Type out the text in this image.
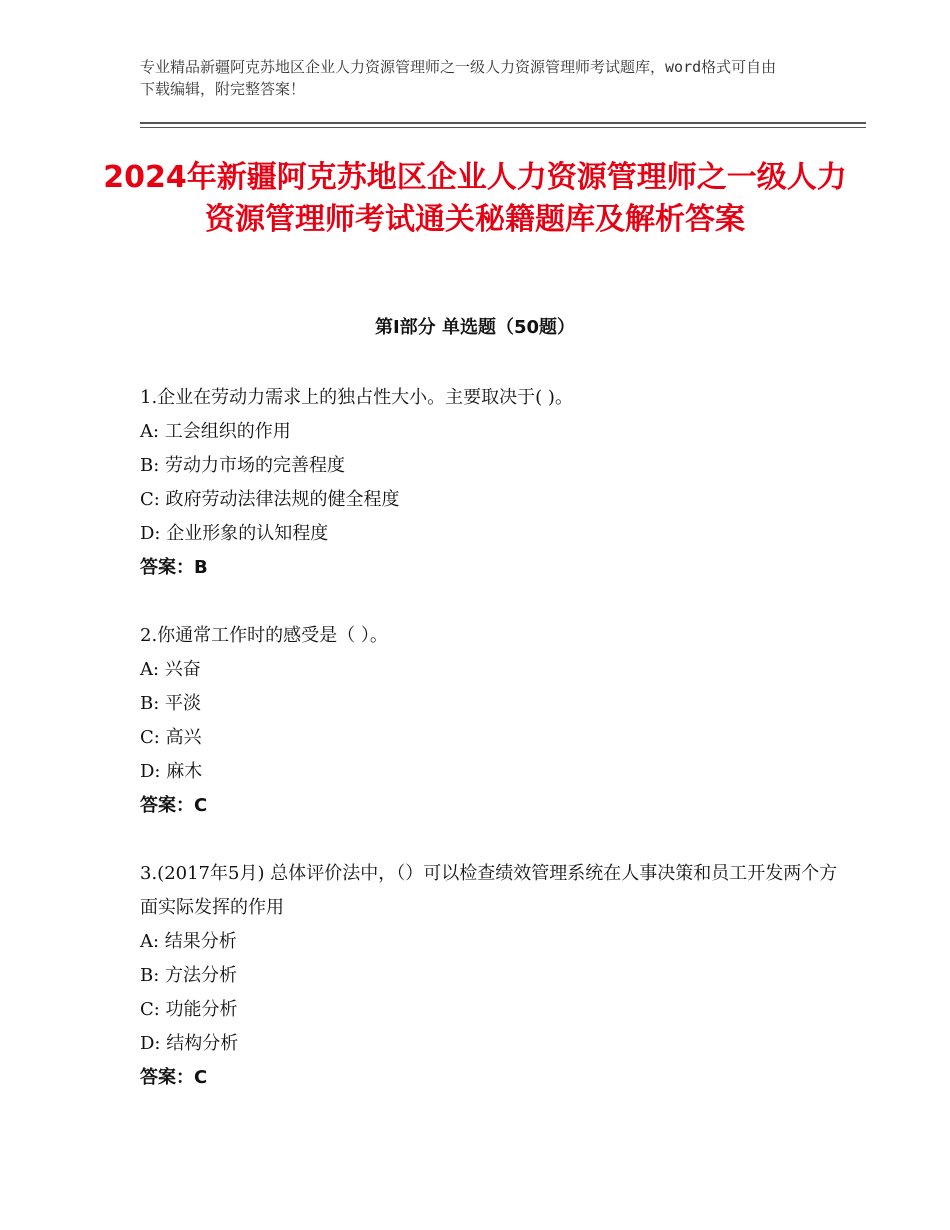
专业精品新疆阿克苏地区企业人力资源管理师之一级人力资源管理师考试题库，word格式可自由下载编辑，附完整答案！
2024年新疆阿克苏地区企业人力资源管理师之一级人力资源管理师考试通关秘籍题库及解析答案
第Ⅰ部分 单选题（50题）

1.企业在劳动力需求上的独占性大小。主要取决于( )。

A: 工会组织的作用

B: 劳动力市场的完善程度

C: 政府劳动法律法规的健全程度

D: 企业形象的认知程度

答案：B

2.你通常工作时的感受是（ ）。

A: 兴奋

B: 平淡

C: 高兴

D: 麻木

答案：C

3.(2017年5月) 总体评价法中，（）可以检查绩效管理系统在人事决策和员工开发两个方面实际发挥的作用

A: 结果分析

B: 方法分析

C: 功能分析

D: 结构分析

答案：C
